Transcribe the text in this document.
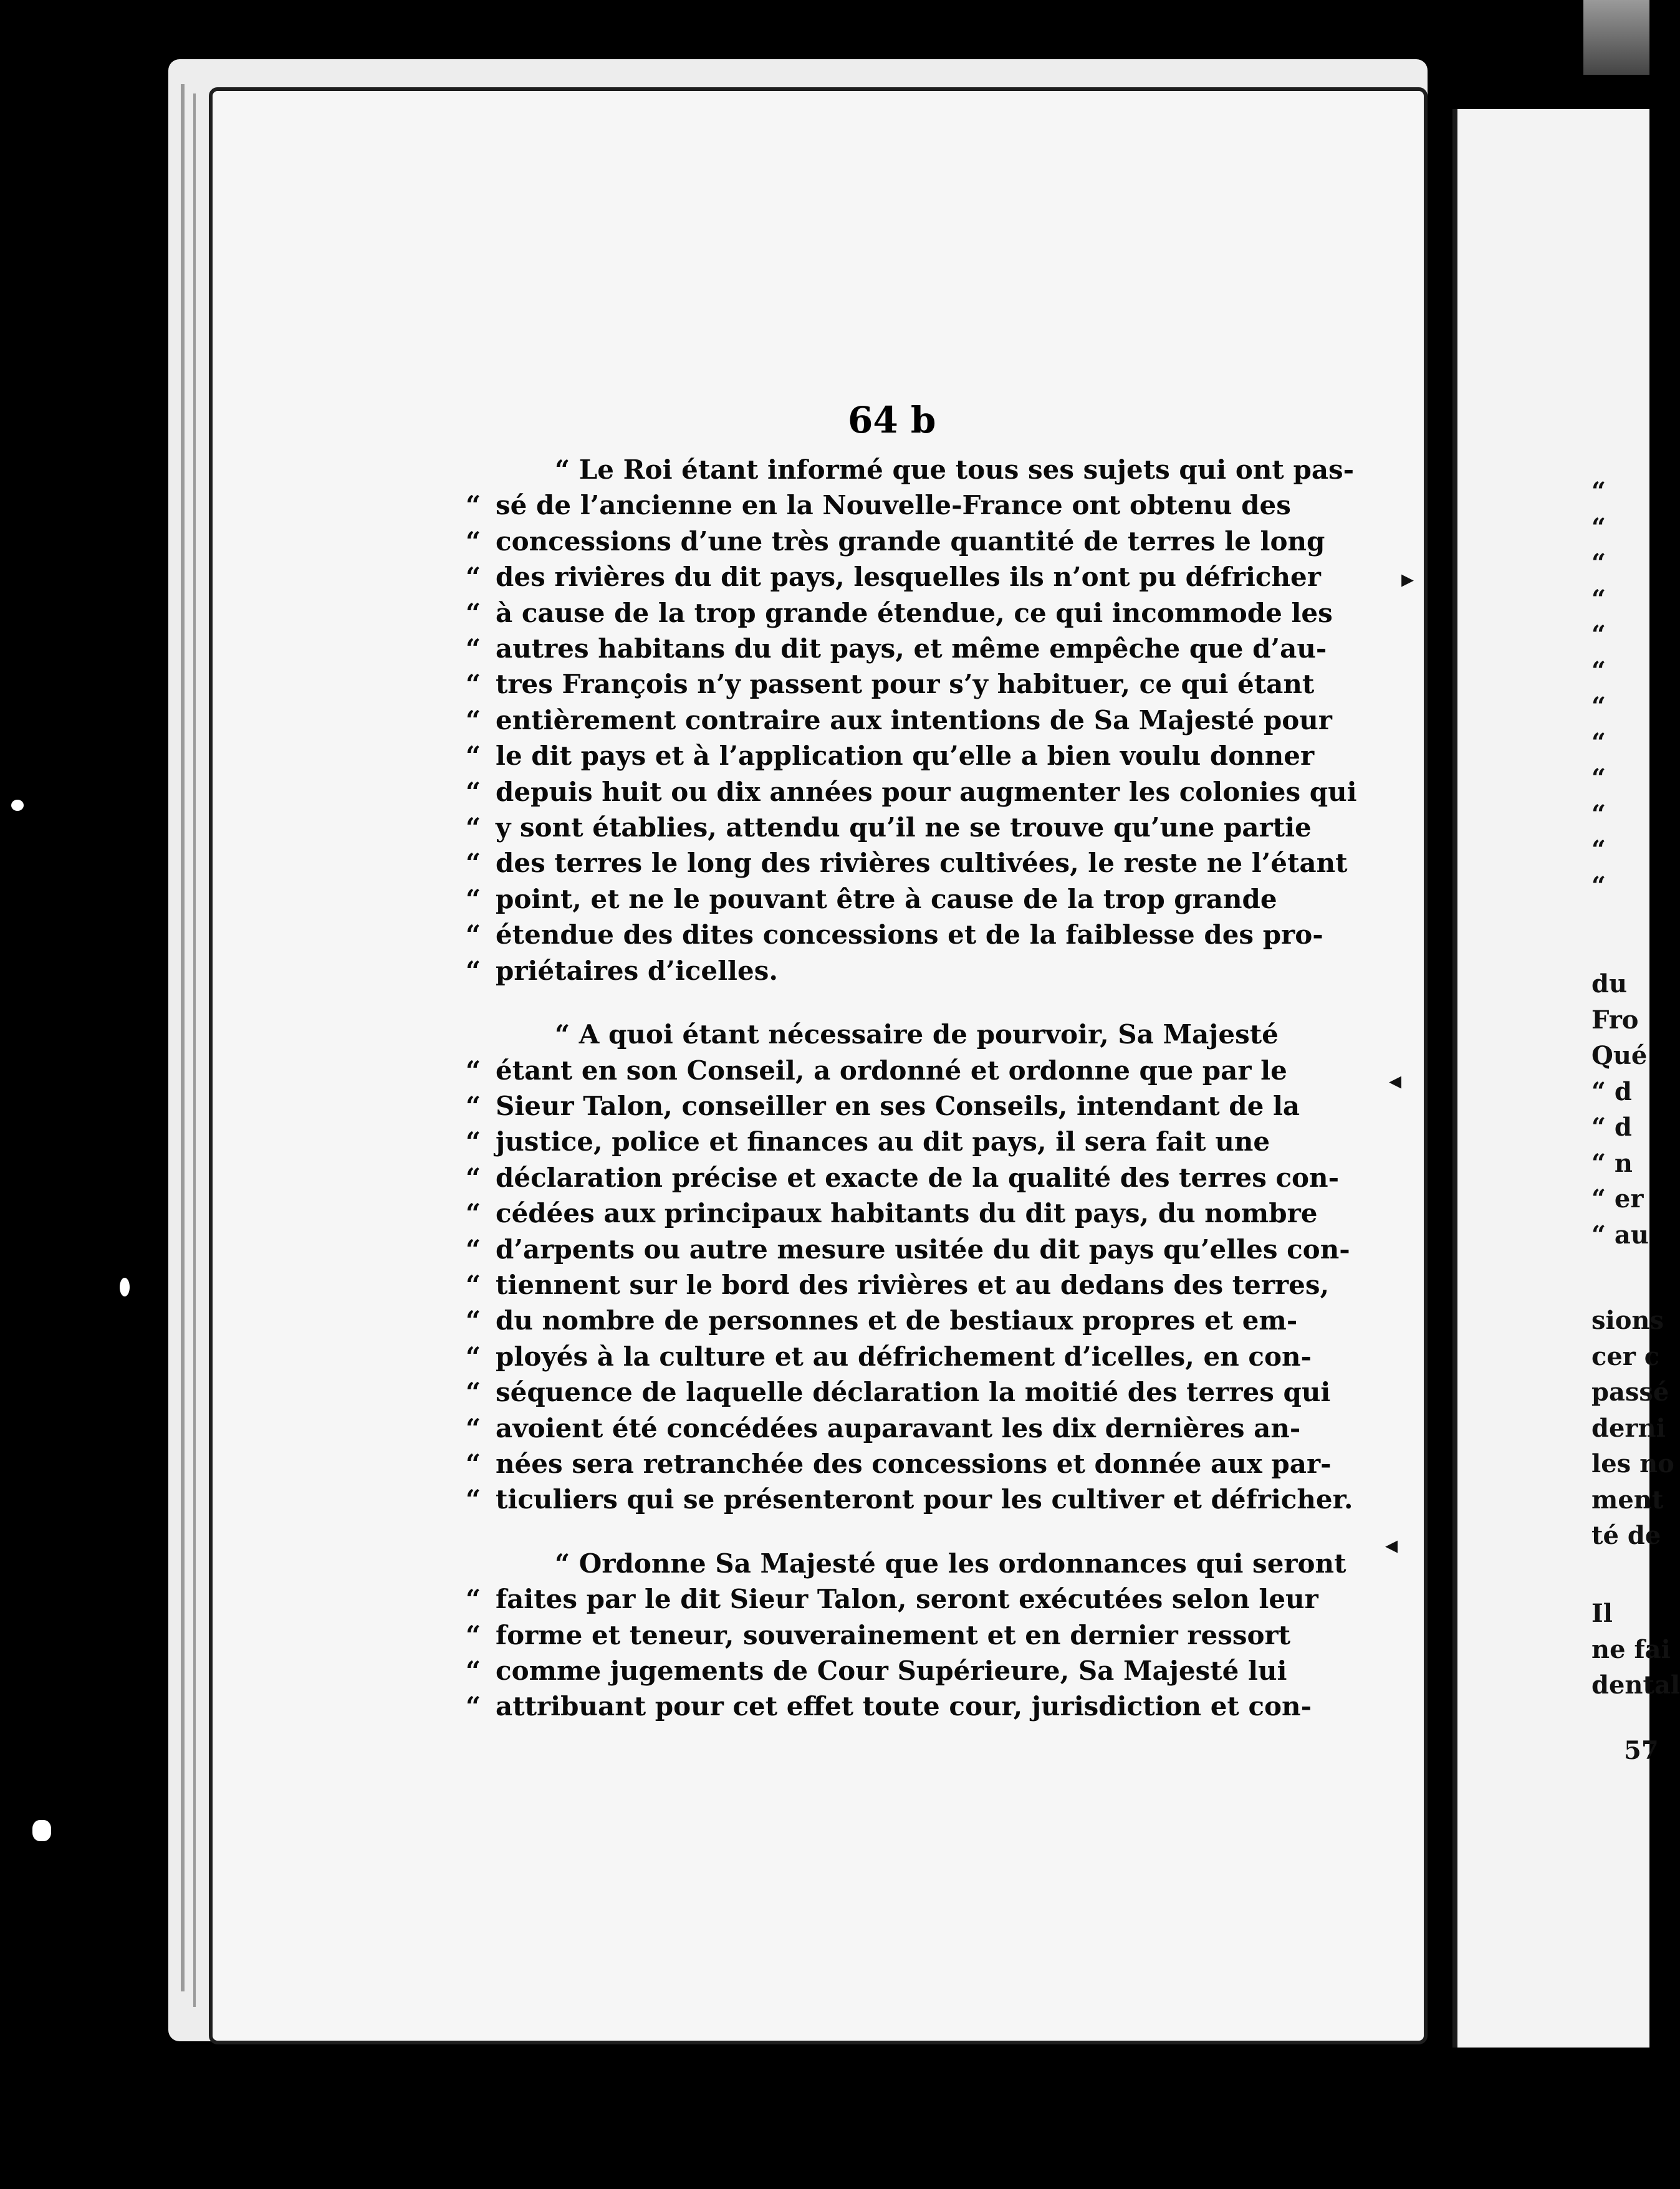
64 b
“ Le Roi étant informé que tous ses sujets qui ont pas-
“ sé de l’ancienne en la Nouvelle-France ont obtenu des
“ concessions d’une très grande quantité de terres le long
“ des rivières du dit pays, lesquelles ils n’ont pu défricher
“ à cause de la trop grande étendue, ce qui incommode les
“ autres habitans du dit pays, et même empêche que d’au-
“ tres François n’y passent pour s’y habituer, ce qui étant
“ entièrement contraire aux intentions de Sa Majesté pour
“ le dit pays et à l’application qu’elle a bien voulu donner
“ depuis huit ou dix années pour augmenter les colonies qui
“ y sont établies, attendu qu’il ne se trouve qu’une partie
“ des terres le long des rivières cultivées, le reste ne l’étant
“ point, et ne le pouvant être à cause de la trop grande
“ étendue des dites concessions et de la faiblesse des pro-
“ priétaires d’icelles.
“ A quoi étant nécessaire de pourvoir, Sa Majesté
“ étant en son Conseil, a ordonné et ordonne que par le
“ Sieur Talon, conseiller en ses Conseils, intendant de la
“ justice, police et finances au dit pays, il sera fait une
“ déclaration précise et exacte de la qualité des terres con-
“ cédées aux principaux habitants du dit pays, du nombre
“ d’arpents ou autre mesure usitée du dit pays qu’elles con-
“ tiennent sur le bord des rivières et au dedans des terres,
“ du nombre de personnes et de bestiaux propres et em-
“ ployés à la culture et au défrichement d’icelles, en con-
“ séquence de laquelle déclaration la moitié des terres qui
“ avoient été concédées auparavant les dix dernières an-
“ nées sera retranchée des concessions et donnée aux par-
“ ticuliers qui se présenteront pour les cultiver et défricher.
“ Ordonne Sa Majesté que les ordonnances qui seront
“ faites par le dit Sieur Talon, seront exécutées selon leur
“ forme et teneur, souverainement et en dernier ressort
“ comme jugements de Cour Supérieure, Sa Majesté lui
“ attribuant pour cet effet toute cour, jurisdiction et con-
“
“
“
“
“
“
“
“
“
“
“
“
du
Fro
Qué
“ d
“ d
“ n
“ er
“ au
sions
cer c
passé
derni
les no
ment
té de
Il
ne fai
dental
57
▸
◂
◂
